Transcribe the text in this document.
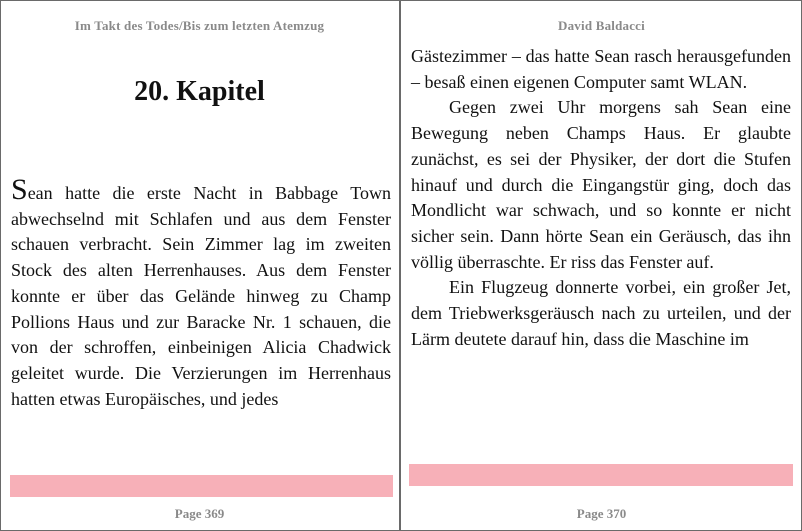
Im Takt des Todes/Bis zum letzten Atemzug
20. Kapitel

Sean hatte die erste Nacht in Babbage Town abwechselnd mit Schlafen und aus dem Fenster schauen verbracht. Sein Zimmer lag im zweiten Stock des alten Herrenhauses. Aus dem Fenster konnte er über das Gelände hinweg zu Champ Pollions Haus und zur Baracke Nr. 1 schauen, die von der schroffen, einbeinigen Alicia Chadwick geleitet wurde. Die Verzierungen im Herrenhaus hatten etwas Europäisches, und jedes

Page 369
David Baldacci

Gästezimmer – das hatte Sean rasch herausgefunden – besaß einen eigenen Computer samt WLAN.

Gegen zwei Uhr morgens sah Sean eine Bewegung neben Champs Haus. Er glaubte zunächst, es sei der Physiker, der dort die Stufen hinauf und durch die Eingangstür ging, doch das Mondlicht war schwach, und so konnte er nicht sicher sein. Dann hörte Sean ein Geräusch, das ihn völlig überraschte. Er riss das Fenster auf.

Ein Flugzeug donnerte vorbei, ein großer Jet, dem Triebwerksgeräusch nach zu urteilen, und der Lärm deutete darauf hin, dass die Maschine im

Page 370
